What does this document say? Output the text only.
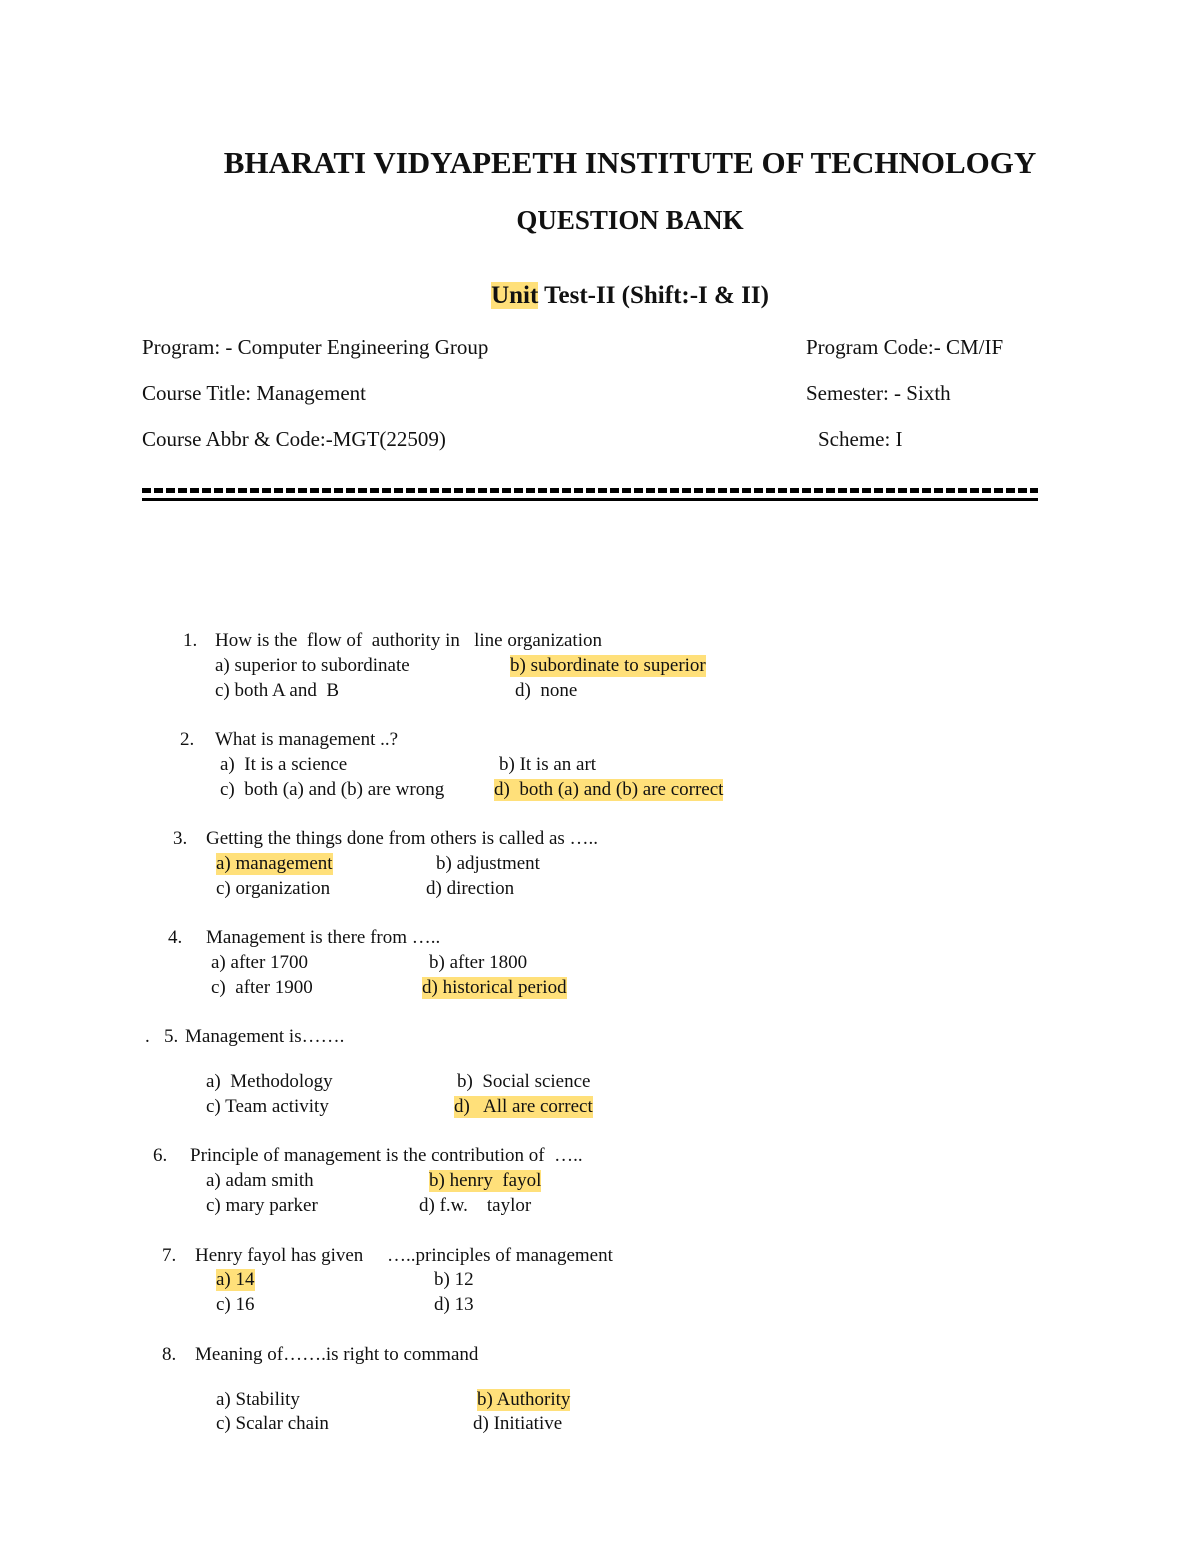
BHARATI VIDYAPEETH INSTITUTE OF TECHNOLOGY
QUESTION BANK
Unit Test-II (Shift:-I & II)
Program: - Computer Engineering Group	Program Code:- CM/IF
Course Title: Management	Semester: - Sixth
Course Abbr & Code:-MGT(22509)	Scheme: I
1. How is the  flow of  authority in   line organization
a) superior to subordinate	b) subordinate to superior
c) both A and  B	d)  none
2. What is management ..?
a)  It is a science	b) It is an art
c)  both (a) and (b) are wrong	d)  both (a) and (b) are correct
3. Getting the things done from others is called as …..
a) management	b) adjustment
c) organization	d) direction
4. Management is there from …..
a) after 1700	b) after 1800
c)  after 1900	d) historical period
.   5. Management is…….
a)  Methodology	b)  Social science
c) Team activity	d)   All are correct
6. Principle of management is the contribution of  …..
a) adam smith	b) henry  fayol
c) mary parker	d) f.w.    taylor
7. Henry fayol has given     …..principles of management
a) 14	b) 12
c) 16	d) 13
8. Meaning of…….is right to command
a) Stability	b) Authority
c) Scalar chain	d) Initiative
